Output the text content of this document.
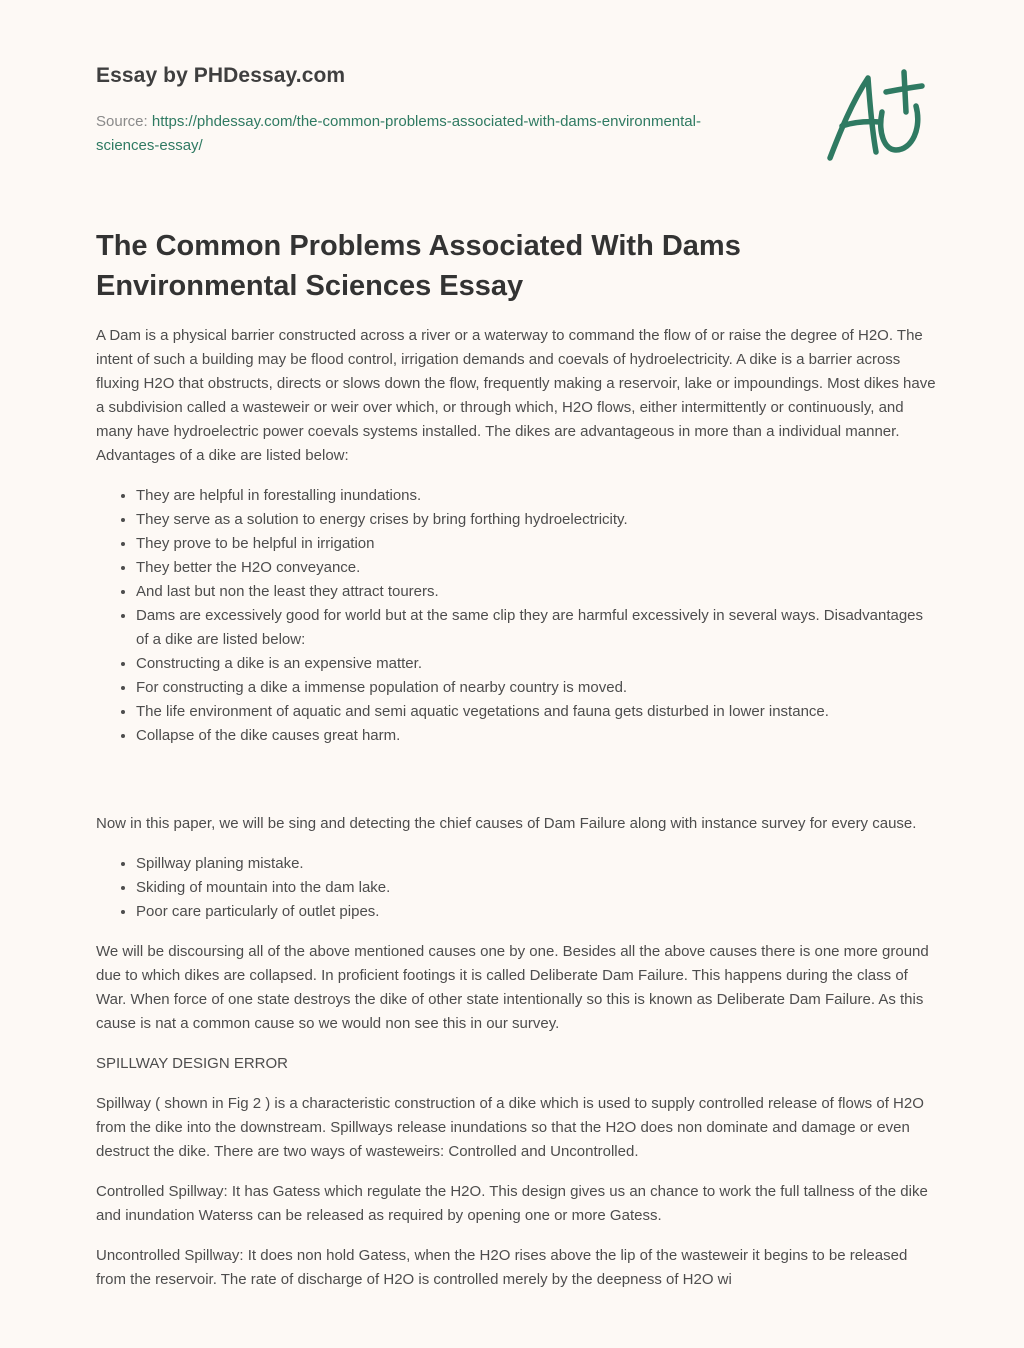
Essay by PHDessay.com
Source: https://phdessay.com/the-common-problems-associated-with-dams-environmental-sciences-essay/
The Common Problems Associated With Dams Environmental Sciences Essay

A Dam is a physical barrier constructed across a river or a waterway to command the flow of or raise the degree of H2O. The intent of such a building may be flood control, irrigation demands and coevals of hydroelectricity. A dike is a barrier across fluxing H2O that obstructs, directs or slows down the flow, frequently making a reservoir, lake or impoundings. Most dikes have a subdivision called a wasteweir or weir over which, or through which, H2O flows, either intermittently or continuously, and many have hydroelectric power coevals systems installed. The dikes are advantageous in more than a individual manner. Advantages of a dike are listed below:

• They are helpful in forestalling inundations.
• They serve as a solution to energy crises by bring forthing hydroelectricity.
• They prove to be helpful in irrigation
• They better the H2O conveyance.
• And last but non the least they attract tourers.
• Dams are excessively good for world but at the same clip they are harmful excessively in several ways. Disadvantages of a dike are listed below:
• Constructing a dike is an expensive matter.
• For constructing a dike a immense population of nearby country is moved.
• The life environment of aquatic and semi aquatic vegetations and fauna gets disturbed in lower instance.
• Collapse of the dike causes great harm.

Now in this paper, we will be sing and detecting the chief causes of Dam Failure along with instance survey for every cause.

• Spillway planing mistake.
• Skiding of mountain into the dam lake.
• Poor care particularly of outlet pipes.

We will be discoursing all of the above mentioned causes one by one. Besides all the above causes there is one more ground due to which dikes are collapsed. In proficient footings it is called Deliberate Dam Failure. This happens during the class of War. When force of one state destroys the dike of other state intentionally so this is known as Deliberate Dam Failure. As this cause is nat a common cause so we would non see this in our survey.

SPILLWAY DESIGN ERROR

Spillway ( shown in Fig 2 ) is a characteristic construction of a dike which is used to supply controlled release of flows of H2O from the dike into the downstream. Spillways release inundations so that the H2O does non dominate and damage or even destruct the dike. There are two ways of wasteweirs: Controlled and Uncontrolled.

Controlled Spillway: It has Gatess which regulate the H2O. This design gives us an chance to work the full tallness of the dike and inundation Waterss can be released as required by opening one or more Gatess.

Uncontrolled Spillway: It does non hold Gatess, when the H2O rises above the lip of the wasteweir it begins to be released from the reservoir. The rate of discharge of H2O is controlled merely by the deepness of H2O wi
